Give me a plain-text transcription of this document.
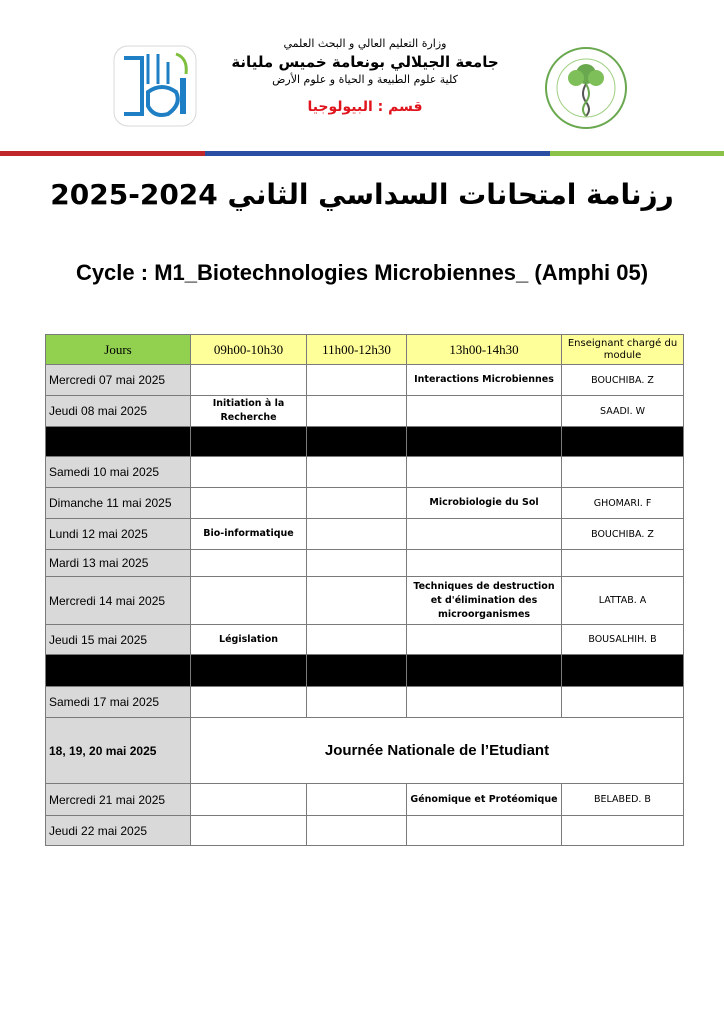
وزارة التعليم العالي و البحث العلمي
جامعة الجيلالي بونعامة خميس مليانة
كلية علوم الطبيعة و الحياة و علوم الأرض
قسم : البيولوجيا
رزنامة امتحانات السداسي الثاني 2024-2025
Cycle : M1_Biotechnologies Microbiennes_ (Amphi 05)
Jours	09h00-10h30	11h00-12h30	13h00-14h30	Enseignant chargé du module
Mercredi 07 mai 2025			Interactions Microbiennes	BOUCHIBA. Z
Jeudi 08 mai 2025	Initiation à la Recherche			SAADI. W

Samedi 10 mai 2025				
Dimanche 11 mai 2025			Microbiologie du Sol	GHOMARI. F
Lundi 12 mai 2025	Bio-informatique			BOUCHIBA. Z
Mardi 13 mai 2025				
Mercredi 14 mai 2025			Techniques de destruction et d'élimination des microorganismes	LATTAB. A
Jeudi 15 mai 2025	Législation			BOUSALHIH. B

Samedi 17 mai 2025				
18, 19, 20 mai 2025	Journée Nationale de l’Etudiant			
Mercredi 21 mai 2025			Génomique et Protéomique	BELABED. B
Jeudi 22 mai 2025				
